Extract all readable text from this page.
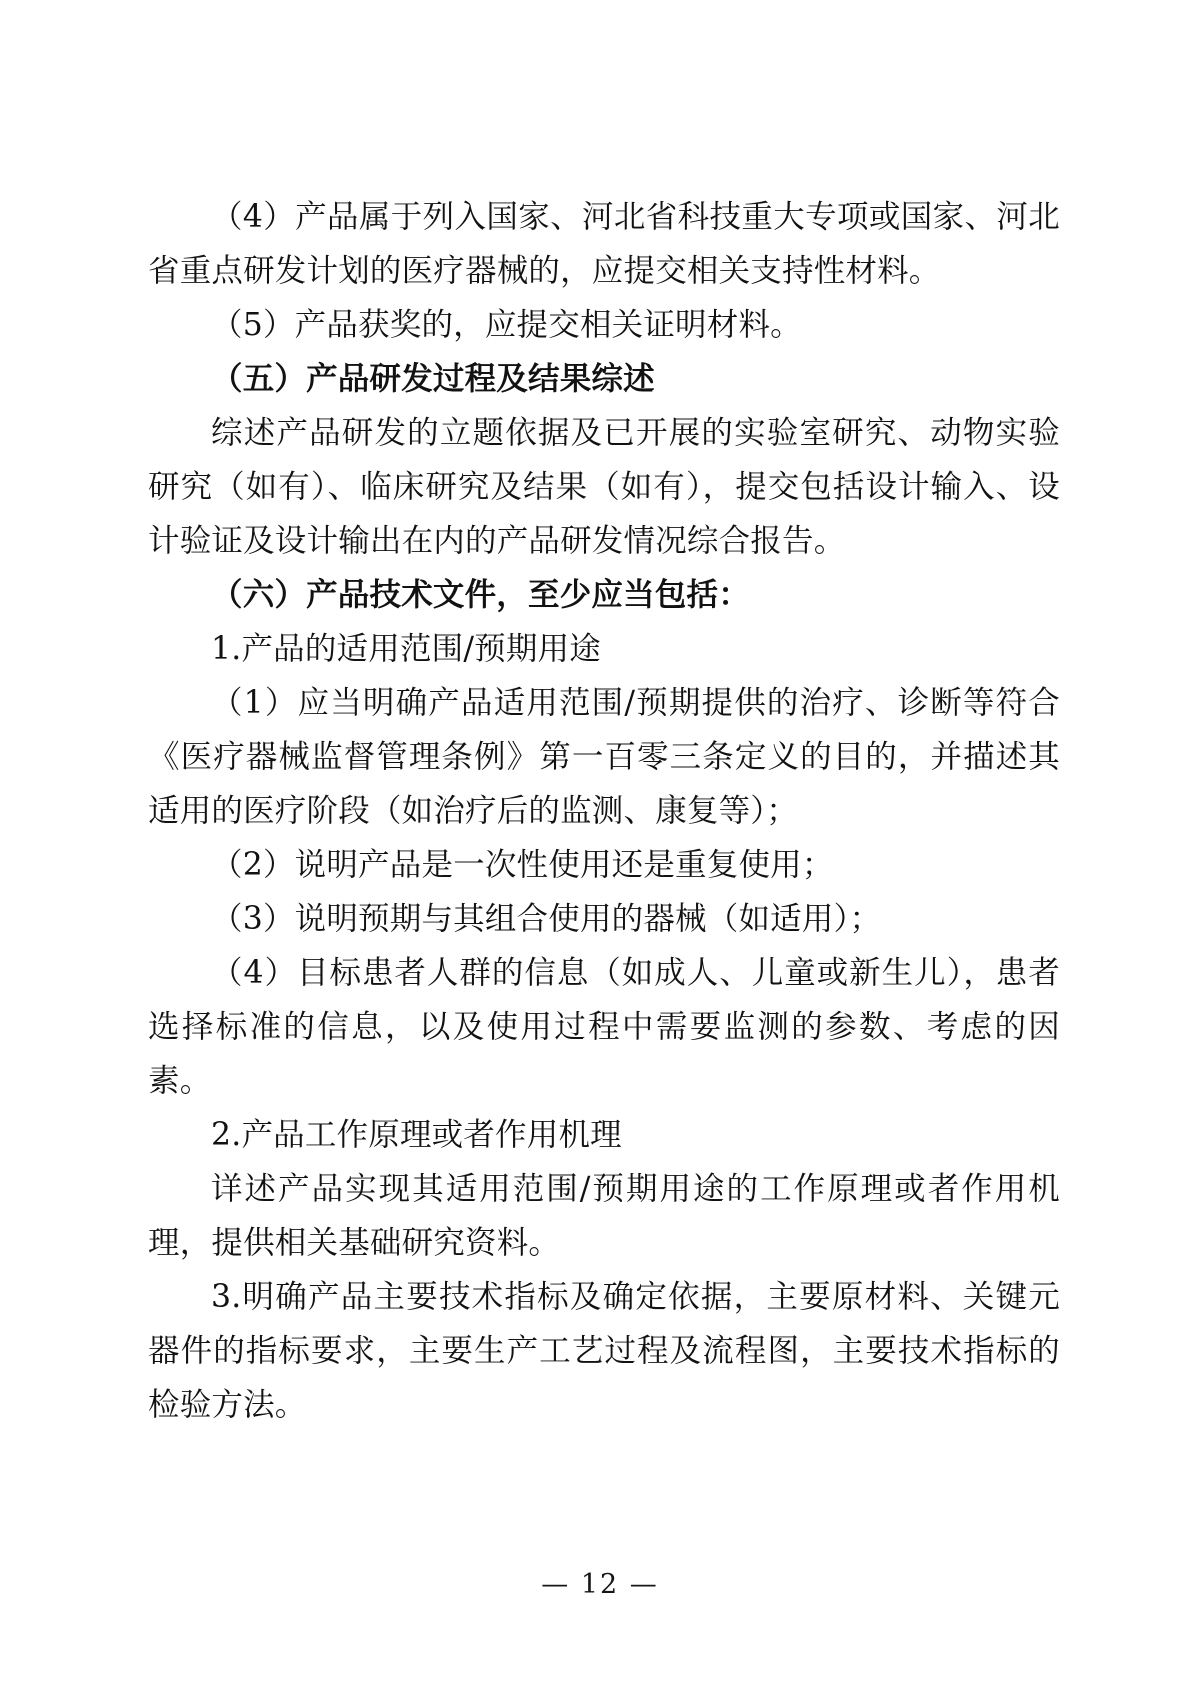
（4）产品属于列入国家、河北省科技重大专项或国家、河北省重点研发计划的医疗器械的，应提交相关支持性材料。

（5）产品获奖的，应提交相关证明材料。

（五）产品研发过程及结果综述

综述产品研发的立题依据及已开展的实验室研究、动物实验研究（如有）、临床研究及结果（如有），提交包括设计输入、设计验证及设计输出在内的产品研发情况综合报告。

（六）产品技术文件，至少应当包括：

1.产品的适用范围/预期用途

（1）应当明确产品适用范围/预期提供的治疗、诊断等符合《医疗器械监督管理条例》第一百零三条定义的目的，并描述其适用的医疗阶段（如治疗后的监测、康复等）；

（2）说明产品是一次性使用还是重复使用；

（3）说明预期与其组合使用的器械（如适用）；

（4）目标患者人群的信息（如成人、儿童或新生儿），患者选择标准的信息，以及使用过程中需要监测的参数、考虑的因素。

2.产品工作原理或者作用机理

详述产品实现其适用范围/预期用途的工作原理或者作用机理，提供相关基础研究资料。

3.明确产品主要技术指标及确定依据，主要原材料、关键元器件的指标要求，主要生产工艺过程及流程图，主要技术指标的检验方法。

— 12 —
